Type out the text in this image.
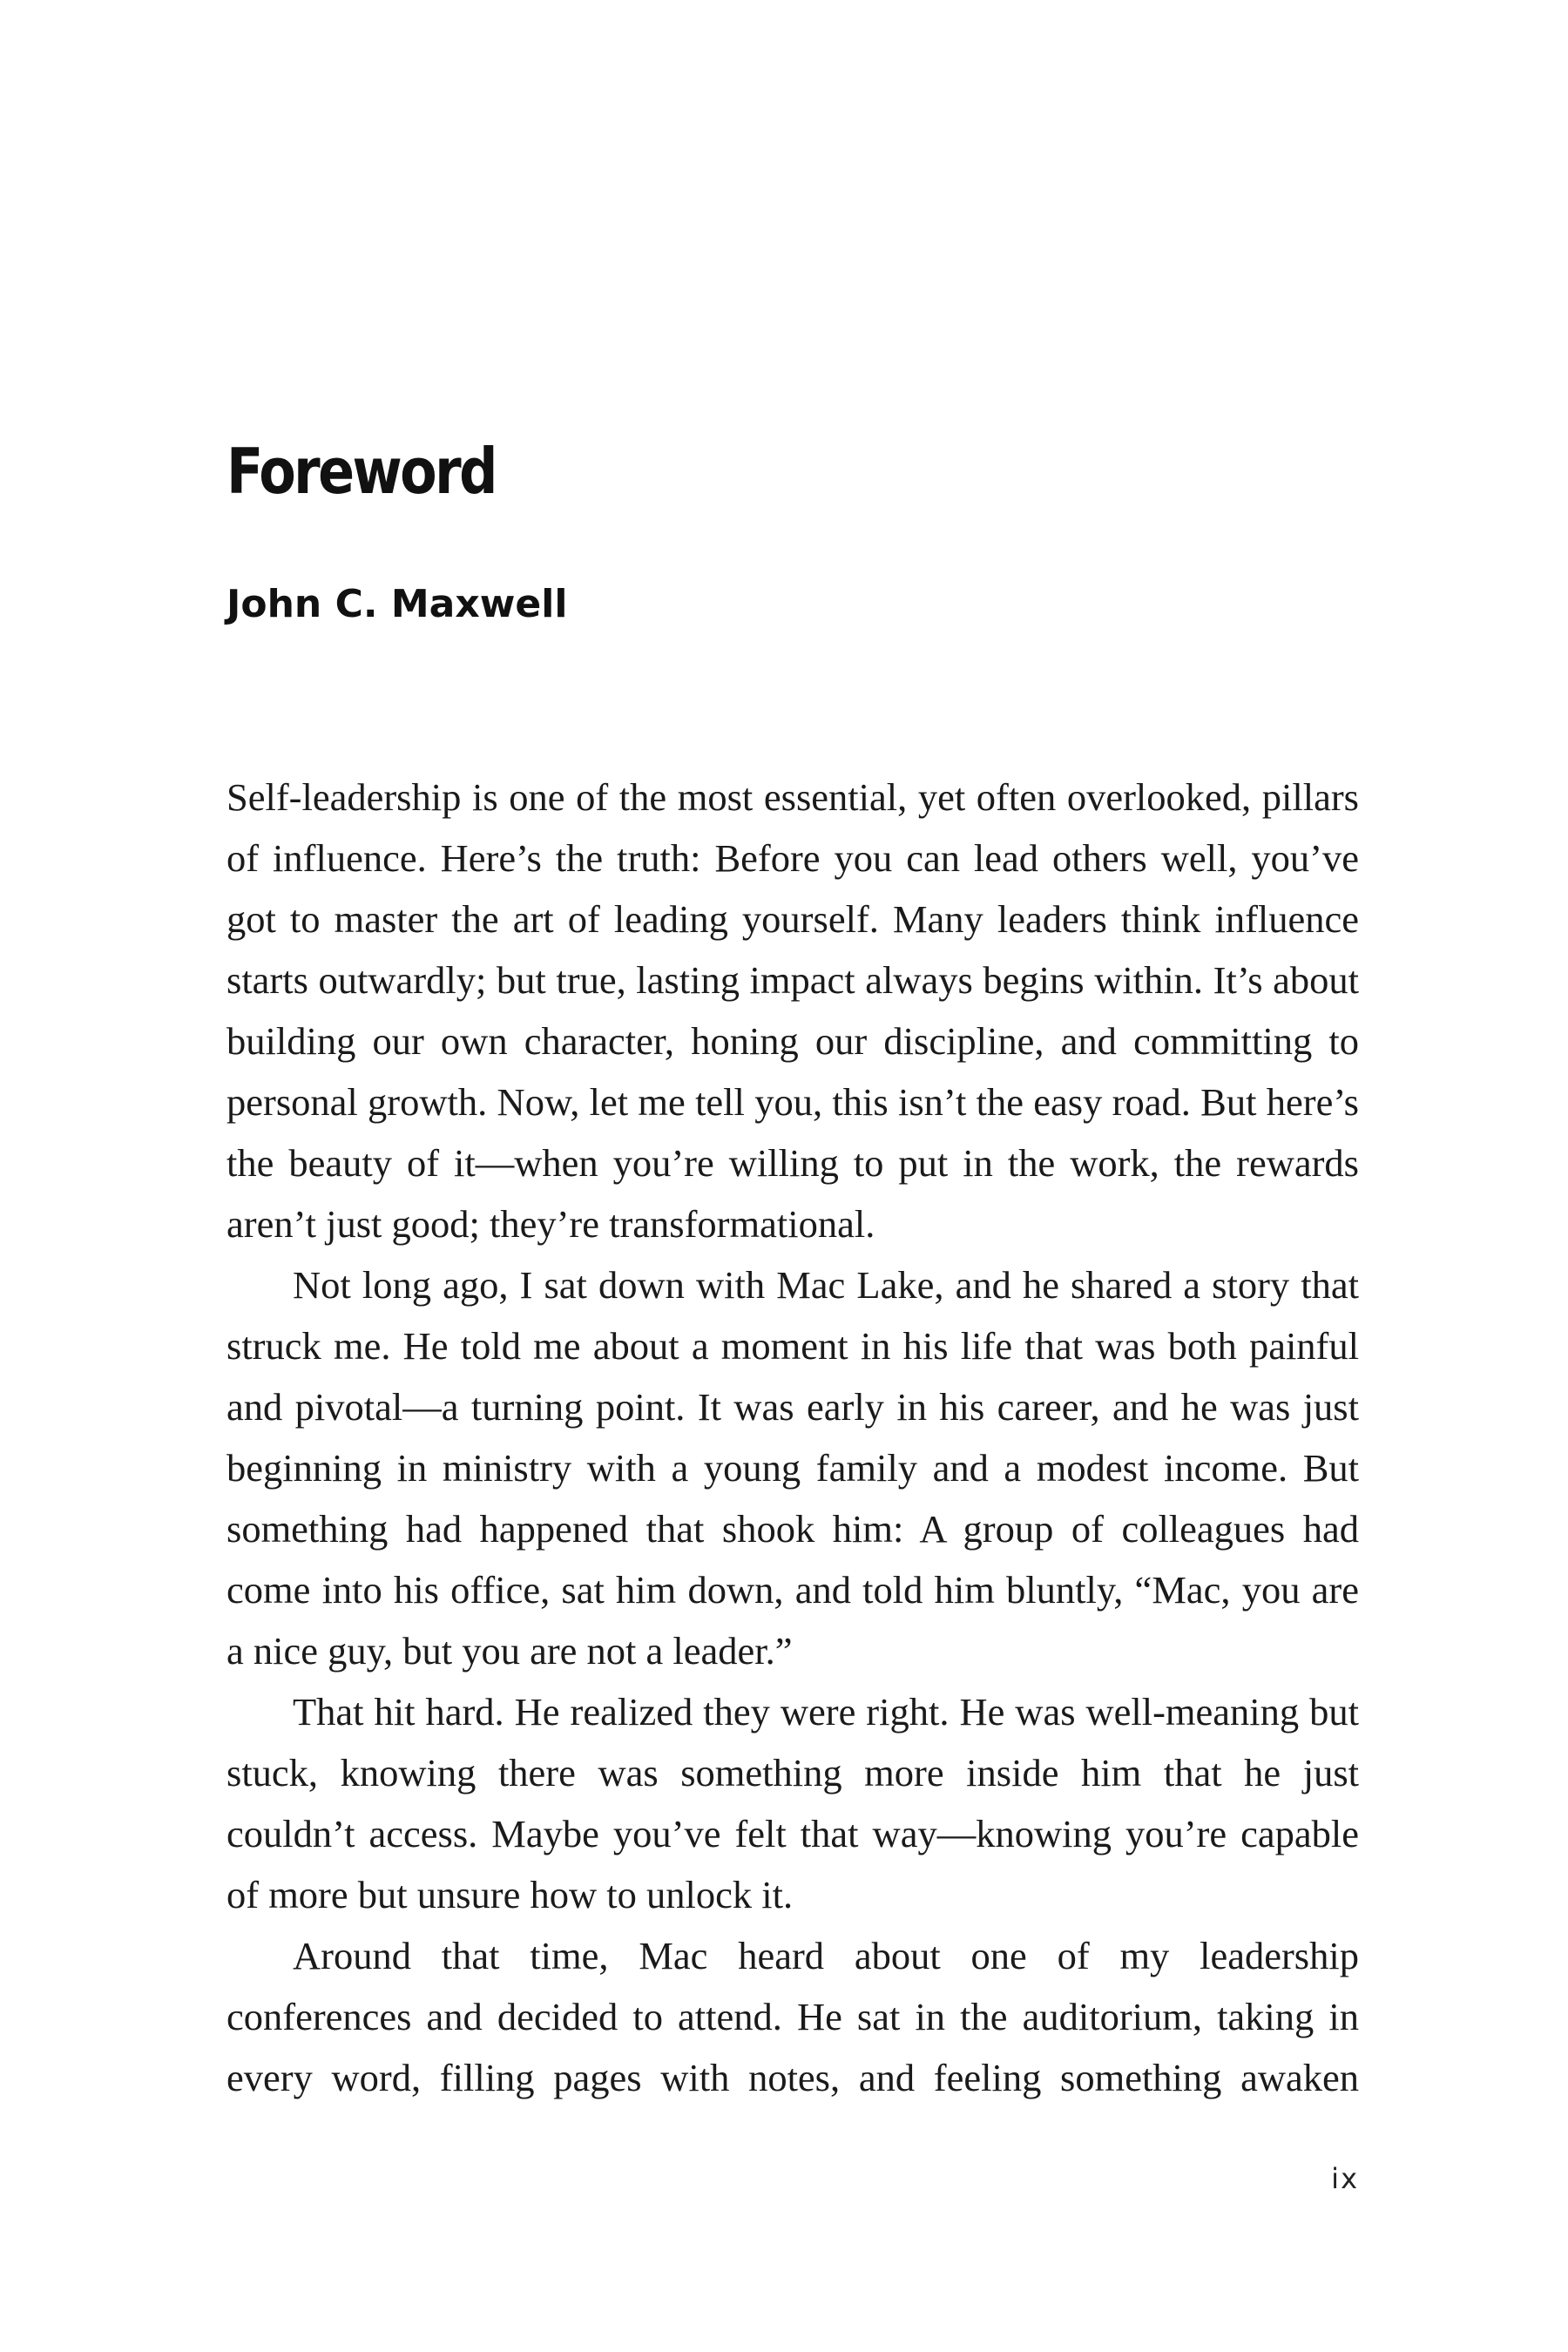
Foreword
John C. Maxwell

Self-leadership is one of the most essential, yet often overlooked, pillars of influence. Here’s the truth: Before you can lead others well, you’ve got to master the art of leading yourself. Many leaders think influence starts outwardly; but true, lasting impact always begins within. It’s about building our own character, honing our discipline, and committing to personal growth. Now, let me tell you, this isn’t the easy road. But here’s the beauty of it—when you’re willing to put in the work, the rewards aren’t just good; they’re transformational.

Not long ago, I sat down with Mac Lake, and he shared a story that struck me. He told me about a moment in his life that was both painful and pivotal—a turning point. It was early in his career, and he was just beginning in ministry with a young family and a modest income. But something had happened that shook him: A group of colleagues had come into his office, sat him down, and told him bluntly, “Mac, you are a nice guy, but you are not a leader.”

That hit hard. He realized they were right. He was well-meaning but stuck, knowing there was something more inside him that he just couldn’t access. Maybe you’ve felt that way—knowing you’re capable of more but unsure how to unlock it.

Around that time, Mac heard about one of my leadership conferences and decided to attend. He sat in the auditorium, taking in every word, filling pages with notes, and feeling something awaken

ix
